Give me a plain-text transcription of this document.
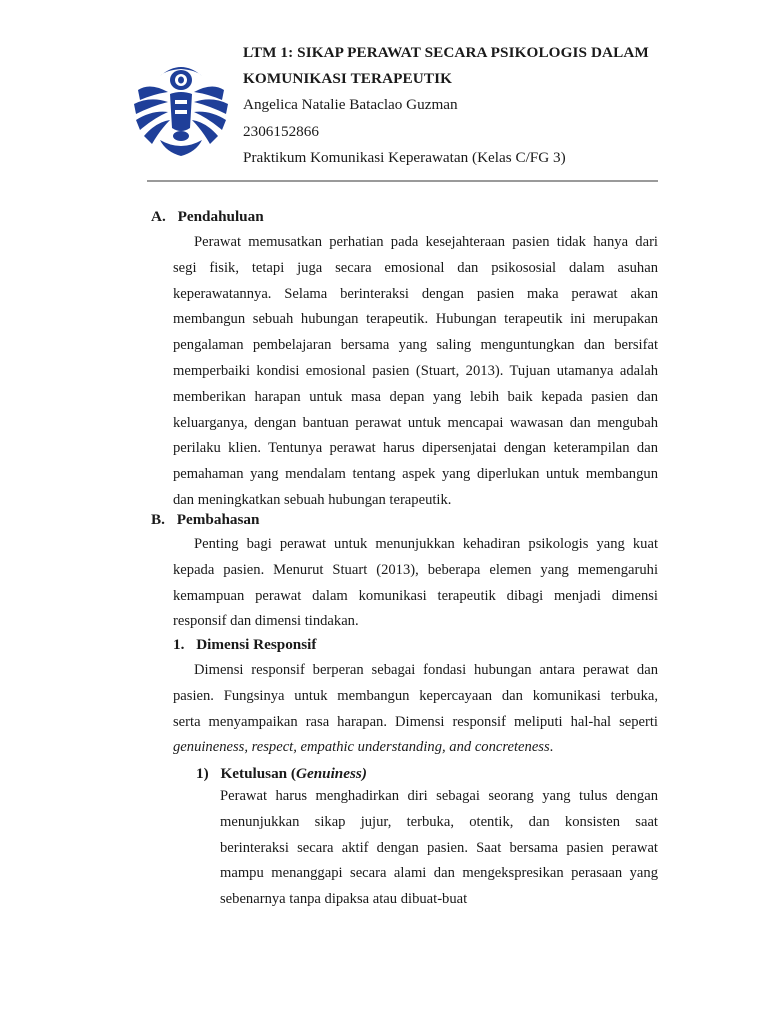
LTM 1: SIKAP PERAWAT SECARA PSIKOLOGIS DALAM
KOMUNIKASI TERAPEUTIK
Angelica Natalie Bataclao Guzman
2306152866
Praktikum Komunikasi Keperawatan (Kelas C/FG 3)
A. Pendahuluan
Perawat memusatkan perhatian pada kesejahteraan pasien tidak hanya dari
segi fisik, tetapi juga secara emosional dan psikososial dalam asuhan
keperawatannya. Selama berinteraksi dengan pasien maka perawat akan
membangun sebuah hubungan terapeutik. Hubungan terapeutik ini merupakan
pengalaman pembelajaran bersama yang saling menguntungkan dan bersifat
memperbaiki kondisi emosional pasien (Stuart, 2013). Tujuan utamanya adalah
memberikan harapan untuk masa depan yang lebih baik kepada pasien dan
keluarganya, dengan bantuan perawat untuk mencapai wawasan dan mengubah
perilaku klien. Tentunya perawat harus dipersenjatai dengan keterampilan dan
pemahaman yang mendalam tentang aspek yang diperlukan untuk membangun
dan meningkatkan sebuah hubungan terapeutik.
B. Pembahasan
Penting bagi perawat untuk menunjukkan kehadiran psikologis yang kuat
kepada pasien. Menurut Stuart (2013), beberapa elemen yang memengaruhi
kemampuan perawat dalam komunikasi terapeutik dibagi menjadi dimensi
responsif dan dimensi tindakan.
1. Dimensi Responsif
Dimensi responsif berperan sebagai fondasi hubungan antara perawat dan
pasien. Fungsinya untuk membangun kepercayaan dan komunikasi terbuka,
serta menyampaikan rasa harapan. Dimensi responsif meliputi hal-hal seperti
genuineness, respect, empathic understanding, and concreteness.
1) Ketulusan (Genuiness)
Perawat harus menghadirkan diri sebagai seorang yang tulus dengan
menunjukkan sikap jujur, terbuka, otentik, dan konsisten saat
berinteraksi secara aktif dengan pasien. Saat bersama pasien perawat
mampu menanggapi secara alami dan mengekspresikan perasaan yang
sebenarnya tanpa dipaksa atau dibuat-buat
